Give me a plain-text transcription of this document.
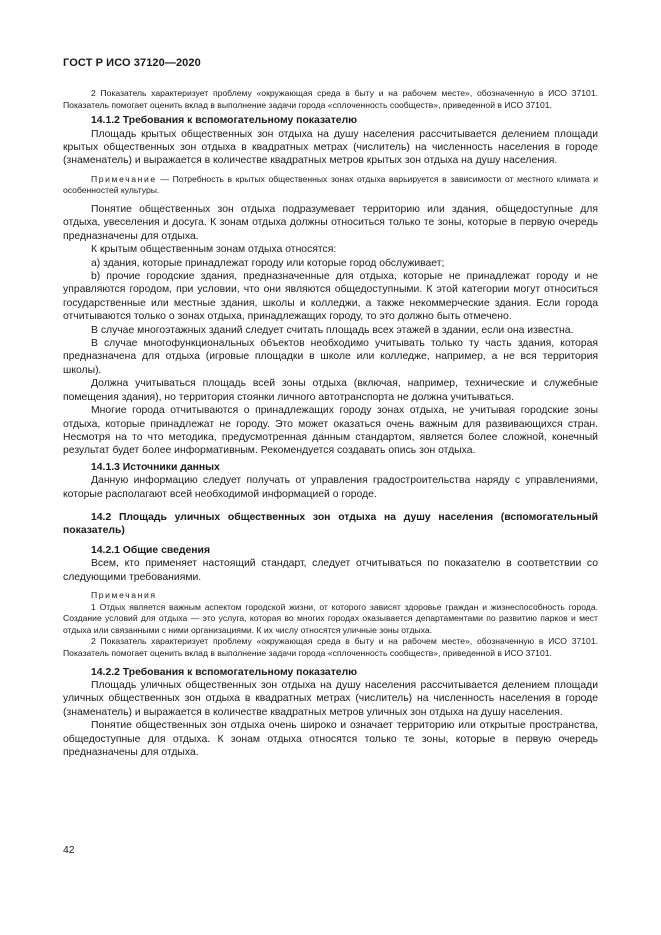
ГОСТ Р ИСО 37120—2020

2 Показатель характеризует проблему «окружающая среда в быту и на рабочем месте», обозначенную в ИСО 37101. Показатель помогает оценить вклад в выполнение задачи города «сплоченность сообществ», приведенной в ИСО 37101.

14.1.2 Требования к вспомогательному показателю

Площадь крытых общественных зон отдыха на душу населения рассчитывается делением площади крытых общественных зон отдыха в квадратных метрах (числитель) на численность населения в городе (знаменатель) и выражается в количестве квадратных метров крытых зон отдыха на душу населения.

Примечание — Потребность в крытых общественных зонах отдыха варьируется в зависимости от местного климата и особенностей культуры.

Понятие общественных зон отдыха подразумевает территорию или здания, общедоступные для отдыха, увеселения и досуга. К зонам отдыха должны относиться только те зоны, которые в первую очередь предназначены для отдыха.

К крытым общественным зонам отдыха относятся:

а) здания, которые принадлежат городу или которые город обслуживает;

b) прочие городские здания, предназначенные для отдыха, которые не принадлежат городу и не управляются городом, при условии, что они являются общедоступными. К этой категории могут относиться государственные или местные здания, школы и колледжи, а также некоммерческие здания. Если города отчитываются только о зонах отдыха, принадлежащих городу, то это должно быть отмечено.

В случае многоэтажных зданий следует считать площадь всех этажей в здании, если она известна.

В случае многофункциональных объектов необходимо учитывать только ту часть здания, которая предназначена для отдыха (игровые площадки в школе или колледже, например, а не вся территория школы).

Должна учитываться площадь всей зоны отдыха (включая, например, технические и служебные помещения здания), но территория стоянки личного автотранспорта не должна учитываться.

Многие города отчитываются о принадлежащих городу зонах отдыха, не учитывая городские зоны отдыха, которые принадлежат не городу. Это может оказаться очень важным для развивающихся стран. Несмотря на то что методика, предусмотренная данным стандартом, является более сложной, конечный результат будет более информативным. Рекомендуется создавать опись зон отдыха.

14.1.3 Источники данных

Данную информацию следует получать от управления градостроительства наряду с управлениями, которые располагают всей необходимой информацией о городе.

14.2 Площадь уличных общественных зон отдыха на душу населения (вспомогательный показатель)

14.2.1 Общие сведения

Всем, кто применяет настоящий стандарт, следует отчитываться по показателю в соответствии со следующими требованиями.

Примечания

1 Отдых является важным аспектом городской жизни, от которого зависят здоровье граждан и жизнеспособность города. Создание условий для отдыха — это услуга, которая во многих городах оказывается департаментами по развитию парков и мест отдыха или связанными с ними организациями. К их числу относятся уличные зоны отдыха.

2 Показатель характеризует проблему «окружающая среда в быту и на рабочем месте», обозначенную в ИСО 37101. Показатель помогает оценить вклад в выполнение задачи города «сплоченность сообществ», приведенной в ИСО 37101.

14.2.2 Требования к вспомогательному показателю

Площадь уличных общественных зон отдыха на душу населения рассчитывается делением площади уличных общественных зон отдыха в квадратных метрах (числитель) на численность населения в городе (знаменатель) и выражается в количестве квадратных метров уличных зон отдыха на душу населения.

Понятие общественных зон отдыха очень широко и означает территорию или открытые пространства, общедоступные для отдыха. К зонам отдыха относятся только те зоны, которые в первую очередь предназначены для отдыха.

42
